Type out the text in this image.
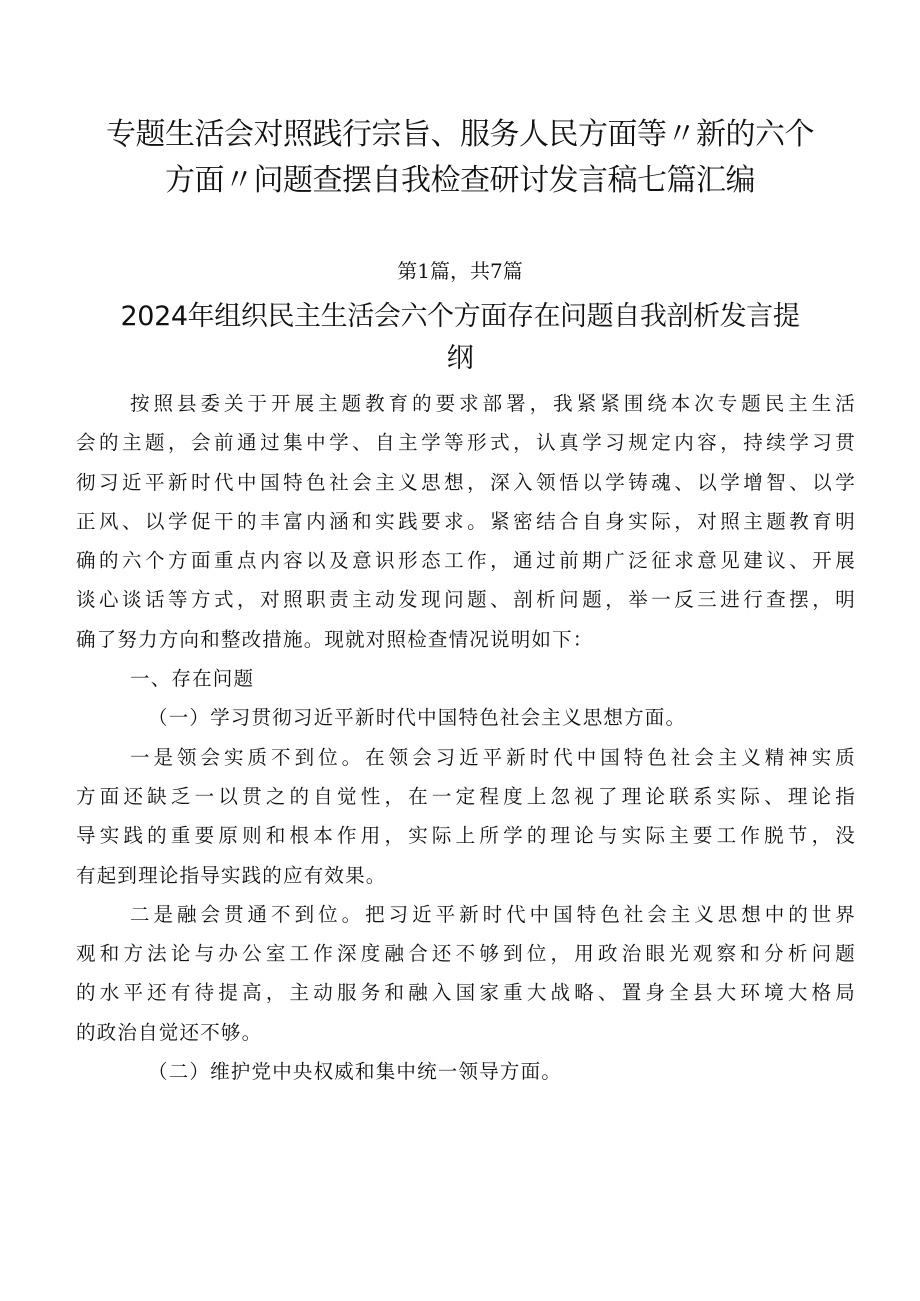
专题生活会对照践行宗旨、服务人民方面等〃新的六个
方面〃问题查摆自我检查研讨发言稿七篇汇编
第1篇，共7篇
2024年组织民主生活会六个方面存在问题自我剖析发言提
纲
按照县委关于开展主题教育的要求部署，我紧紧围绕本次专题民主生活
会的主题，会前通过集中学、自主学等形式，认真学习规定内容，持续学习贯
彻习近平新时代中国特色社会主义思想，深入领悟以学铸魂、以学增智、以学
正风、以学促干的丰富内涵和实践要求。紧密结合自身实际，对照主题教育明
确的六个方面重点内容以及意识形态工作，通过前期广泛征求意见建议、开展
谈心谈话等方式，对照职责主动发现问题、剖析问题，举一反三进行查摆，明
确了努力方向和整改措施。现就对照检查情况说明如下：
一、存在问题
（一）学习贯彻习近平新时代中国特色社会主义思想方面。
一是领会实质不到位。在领会习近平新时代中国特色社会主义精神实质
方面还缺乏一以贯之的自觉性，在一定程度上忽视了理论联系实际、理论指
导实践的重要原则和根本作用，实际上所学的理论与实际主要工作脱节，没
有起到理论指导实践的应有效果。
二是融会贯通不到位。把习近平新时代中国特色社会主义思想中的世界
观和方法论与办公室工作深度融合还不够到位，用政治眼光观察和分析问题
的水平还有待提高，主动服务和融入国家重大战略、置身全县大环境大格局
的政治自觉还不够。
（二）维护党中央权威和集中统一领导方面。
